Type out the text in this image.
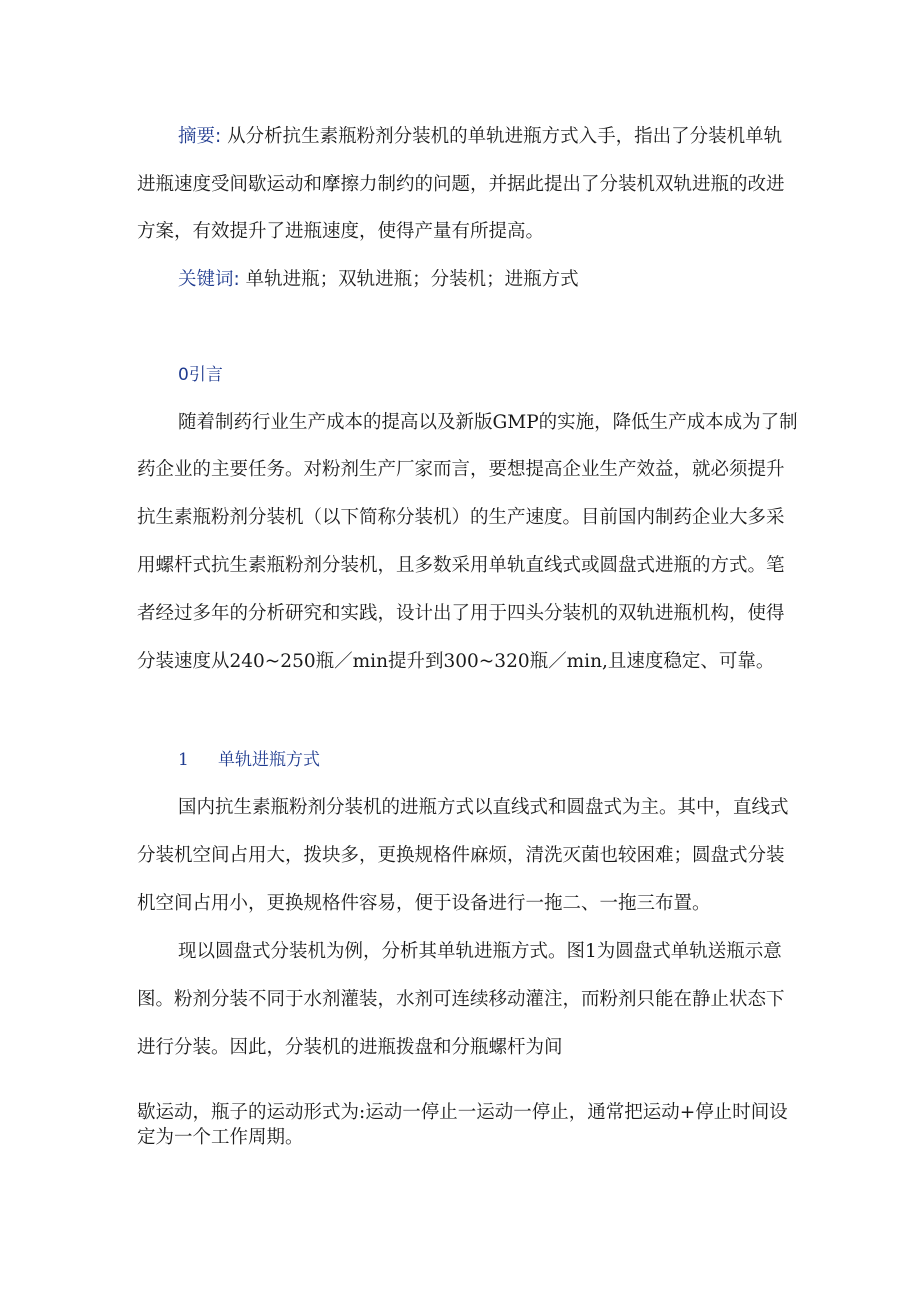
摘要: 从分析抗生素瓶粉剂分装机的单轨进瓶方式入手，指出了分装机单轨
进瓶速度受间歇运动和摩擦力制约的问题，并据此提出了分装机双轨进瓶的改进
方案，有效提升了进瓶速度，使得产量有所提高。
关键词: 单轨进瓶；双轨进瓶；分装机；进瓶方式
0引言
随着制药行业生产成本的提高以及新版GMP的实施，降低生产成本成为了制
药企业的主要任务。对粉剂生产厂家而言，要想提高企业生产效益，就必须提升
抗生素瓶粉剂分装机（以下简称分装机）的生产速度。目前国内制药企业大多采
用螺杆式抗生素瓶粉剂分装机，且多数采用单轨直线式或圆盘式进瓶的方式。笔
者经过多年的分析研究和实践，设计出了用于四头分装机的双轨进瓶机构，使得
分装速度从240~250瓶／min提升到300~320瓶／min,且速度稳定、可靠。
1 单轨进瓶方式
国内抗生素瓶粉剂分装机的进瓶方式以直线式和圆盘式为主。其中，直线式
分装机空间占用大，拨块多，更换规格件麻烦，清洗灭菌也较困难；圆盘式分装
机空间占用小，更换规格件容易，便于设备进行一拖二、一拖三布置。
现以圆盘式分装机为例，分析其单轨进瓶方式。图1为圆盘式单轨送瓶示意
图。粉剂分装不同于水剂灌装，水剂可连续移动灌注，而粉剂只能在静止状态下
进行分装。因此，分装机的进瓶拨盘和分瓶螺杆为间
歇运动，瓶子的运动形式为:运动一停止一运动一停止，通常把运动+停止时间设
定为一个工作周期。
